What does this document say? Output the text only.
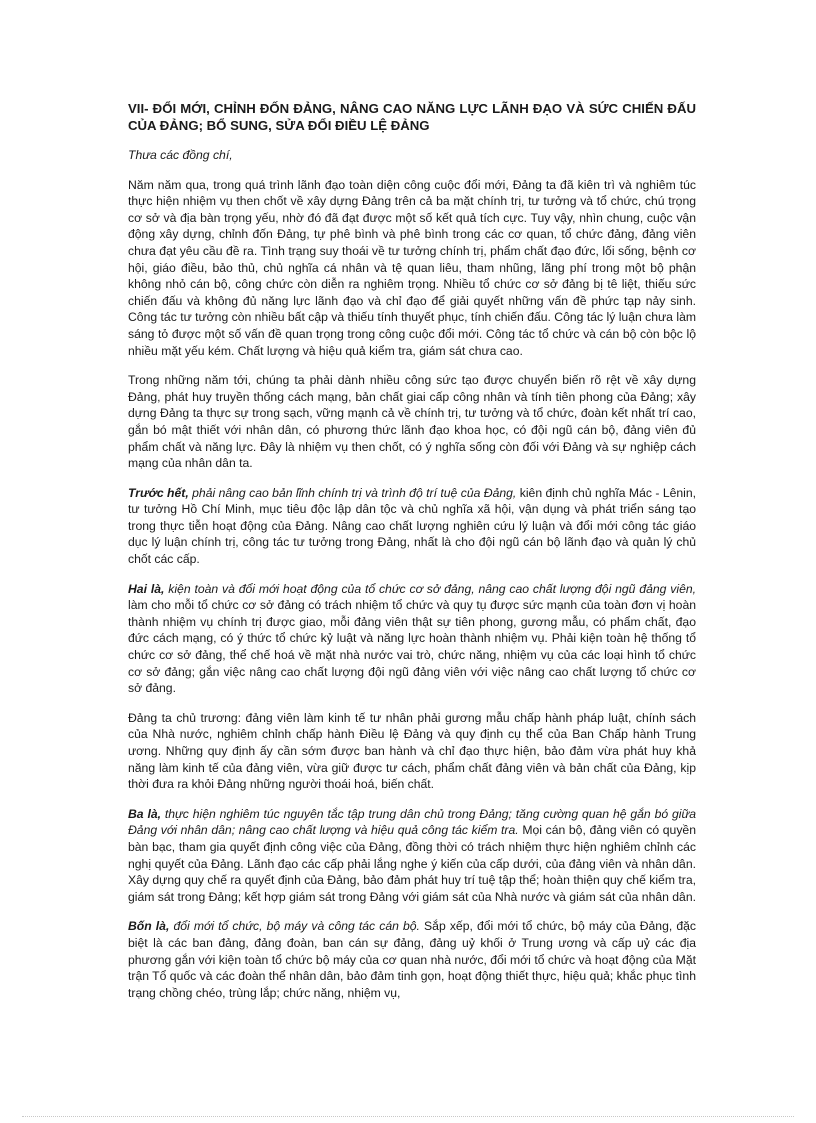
VII- ĐỔI MỚI, CHỈNH ĐỐN ĐẢNG, NÂNG CAO NĂNG LỰC LÃNH ĐẠO VÀ SỨC CHIẾN ĐẤU CỦA ĐẢNG; BỔ SUNG, SỬA ĐỔI ĐIỀU LỆ ĐẢNG
Thưa các đồng chí,

Năm năm qua, trong quá trình lãnh đạo toàn diện công cuộc đổi mới, Đảng ta đã kiên trì và nghiêm túc thực hiện nhiệm vụ then chốt về xây dựng Đảng trên cả ba mặt chính trị, tư tưởng và tổ chức, chú trọng cơ sở và địa bàn trọng yếu, nhờ đó đã đạt được một số kết quả tích cực. Tuy vậy, nhìn chung, cuộc vận động xây dựng, chỉnh đốn Đảng, tự phê bình và phê bình trong các cơ quan, tổ chức đảng, đảng viên chưa đạt yêu cầu đề ra. Tình trạng suy thoái về tư tưởng chính trị, phẩm chất đạo đức, lối sống, bệnh cơ hội, giáo điều, bảo thủ, chủ nghĩa cá nhân và tệ quan liêu, tham nhũng, lãng phí trong một bộ phận không nhỏ cán bộ, công chức còn diễn ra nghiêm trọng. Nhiều tổ chức cơ sở đảng bị tê liệt, thiếu sức chiến đấu và không đủ năng lực lãnh đạo và chỉ đạo để giải quyết những vấn đề phức tạp nảy sinh. Công tác tư tưởng còn nhiều bất cập và thiếu tính thuyết phục, tính chiến đấu. Công tác lý luận chưa làm sáng tỏ được một số vấn đề quan trọng trong công cuộc đổi mới. Công tác tổ chức và cán bộ còn bộc lộ nhiều mặt yếu kém. Chất lượng và hiệu quả kiểm tra, giám sát chưa cao.

Trong những năm tới, chúng ta phải dành nhiều công sức tạo được chuyển biến rõ rệt về xây dựng Đảng, phát huy truyền thống cách mạng, bản chất giai cấp công nhân và tính tiên phong của Đảng; xây dựng Đảng ta thực sự trong sạch, vững mạnh cả về chính trị, tư tưởng và tổ chức, đoàn kết nhất trí cao, gắn bó mật thiết với nhân dân, có phương thức lãnh đạo khoa học, có đội ngũ cán bộ, đảng viên đủ phẩm chất và năng lực. Đây là nhiệm vụ then chốt, có ý nghĩa sống còn đối với Đảng và sự nghiệp cách mạng của nhân dân ta.

Trước hết, phải nâng cao bản lĩnh chính trị và trình độ trí tuệ của Đảng, kiên định chủ nghĩa Mác - Lênin, tư tưởng Hồ Chí Minh, mục tiêu độc lập dân tộc và chủ nghĩa xã hội, vận dụng và phát triển sáng tạo trong thực tiễn hoạt động của Đảng. Nâng cao chất lượng nghiên cứu lý luận và đổi mới công tác giáo dục lý luận chính trị, công tác tư tưởng trong Đảng, nhất là cho đội ngũ cán bộ lãnh đạo và quản lý chủ chốt các cấp.

Hai là, kiện toàn và đổi mới hoạt động của tổ chức cơ sở đảng, nâng cao chất lượng đội ngũ đảng viên, làm cho mỗi tổ chức cơ sở đảng có trách nhiệm tổ chức và quy tụ được sức mạnh của toàn đơn vị hoàn thành nhiệm vụ chính trị được giao, mỗi đảng viên thật sự tiên phong, gương mẫu, có phẩm chất, đạo đức cách mạng, có ý thức tổ chức kỷ luật và năng lực hoàn thành nhiệm vụ. Phải kiện toàn hệ thống tổ chức cơ sở đảng, thể chế hoá về mặt nhà nước vai trò, chức năng, nhiệm vụ của các loại hình tổ chức cơ sở đảng; gắn việc nâng cao chất lượng đội ngũ đảng viên với việc nâng cao chất lượng tổ chức cơ sở đảng.

Đảng ta chủ trương: đảng viên làm kinh tế tư nhân phải gương mẫu chấp hành pháp luật, chính sách của Nhà nước, nghiêm chỉnh chấp hành Điều lệ Đảng và quy định cụ thể của Ban Chấp hành Trung ương. Những quy định ấy cần sớm được ban hành và chỉ đạo thực hiện, bảo đảm vừa phát huy khả năng làm kinh tế của đảng viên, vừa giữ được tư cách, phẩm chất đảng viên và bản chất của Đảng, kịp thời đưa ra khỏi Đảng những người thoái hoá, biến chất.

Ba là, thực hiện nghiêm túc nguyên tắc tập trung dân chủ trong Đảng; tăng cường quan hệ gắn bó giữa Đảng với nhân dân; nâng cao chất lượng và hiệu quả công tác kiểm tra. Mọi cán bộ, đảng viên có quyền bàn bạc, tham gia quyết định công việc của Đảng, đồng thời có trách nhiệm thực hiện nghiêm chỉnh các nghị quyết của Đảng. Lãnh đạo các cấp phải lắng nghe ý kiến của cấp dưới, của đảng viên và nhân dân. Xây dựng quy chế ra quyết định của Đảng, bảo đảm phát huy trí tuệ tập thể; hoàn thiện quy chế kiểm tra, giám sát trong Đảng; kết hợp giám sát trong Đảng với giám sát của Nhà nước và giám sát của nhân dân.

Bốn là, đổi mới tổ chức, bộ máy và công tác cán bộ. Sắp xếp, đổi mới tổ chức, bộ máy của Đảng, đặc biệt là các ban đảng, đảng đoàn, ban cán sự đảng, đảng uỷ khối ở Trung ương và cấp uỷ các địa phương gắn với kiện toàn tổ chức bộ máy của cơ quan nhà nước, đổi mới tổ chức và hoạt động của Mặt trận Tổ quốc và các đoàn thể nhân dân, bảo đảm tinh gọn, hoạt động thiết thực, hiệu quả; khắc phục tình trạng chồng chéo, trùng lắp; chức năng, nhiệm vụ,
